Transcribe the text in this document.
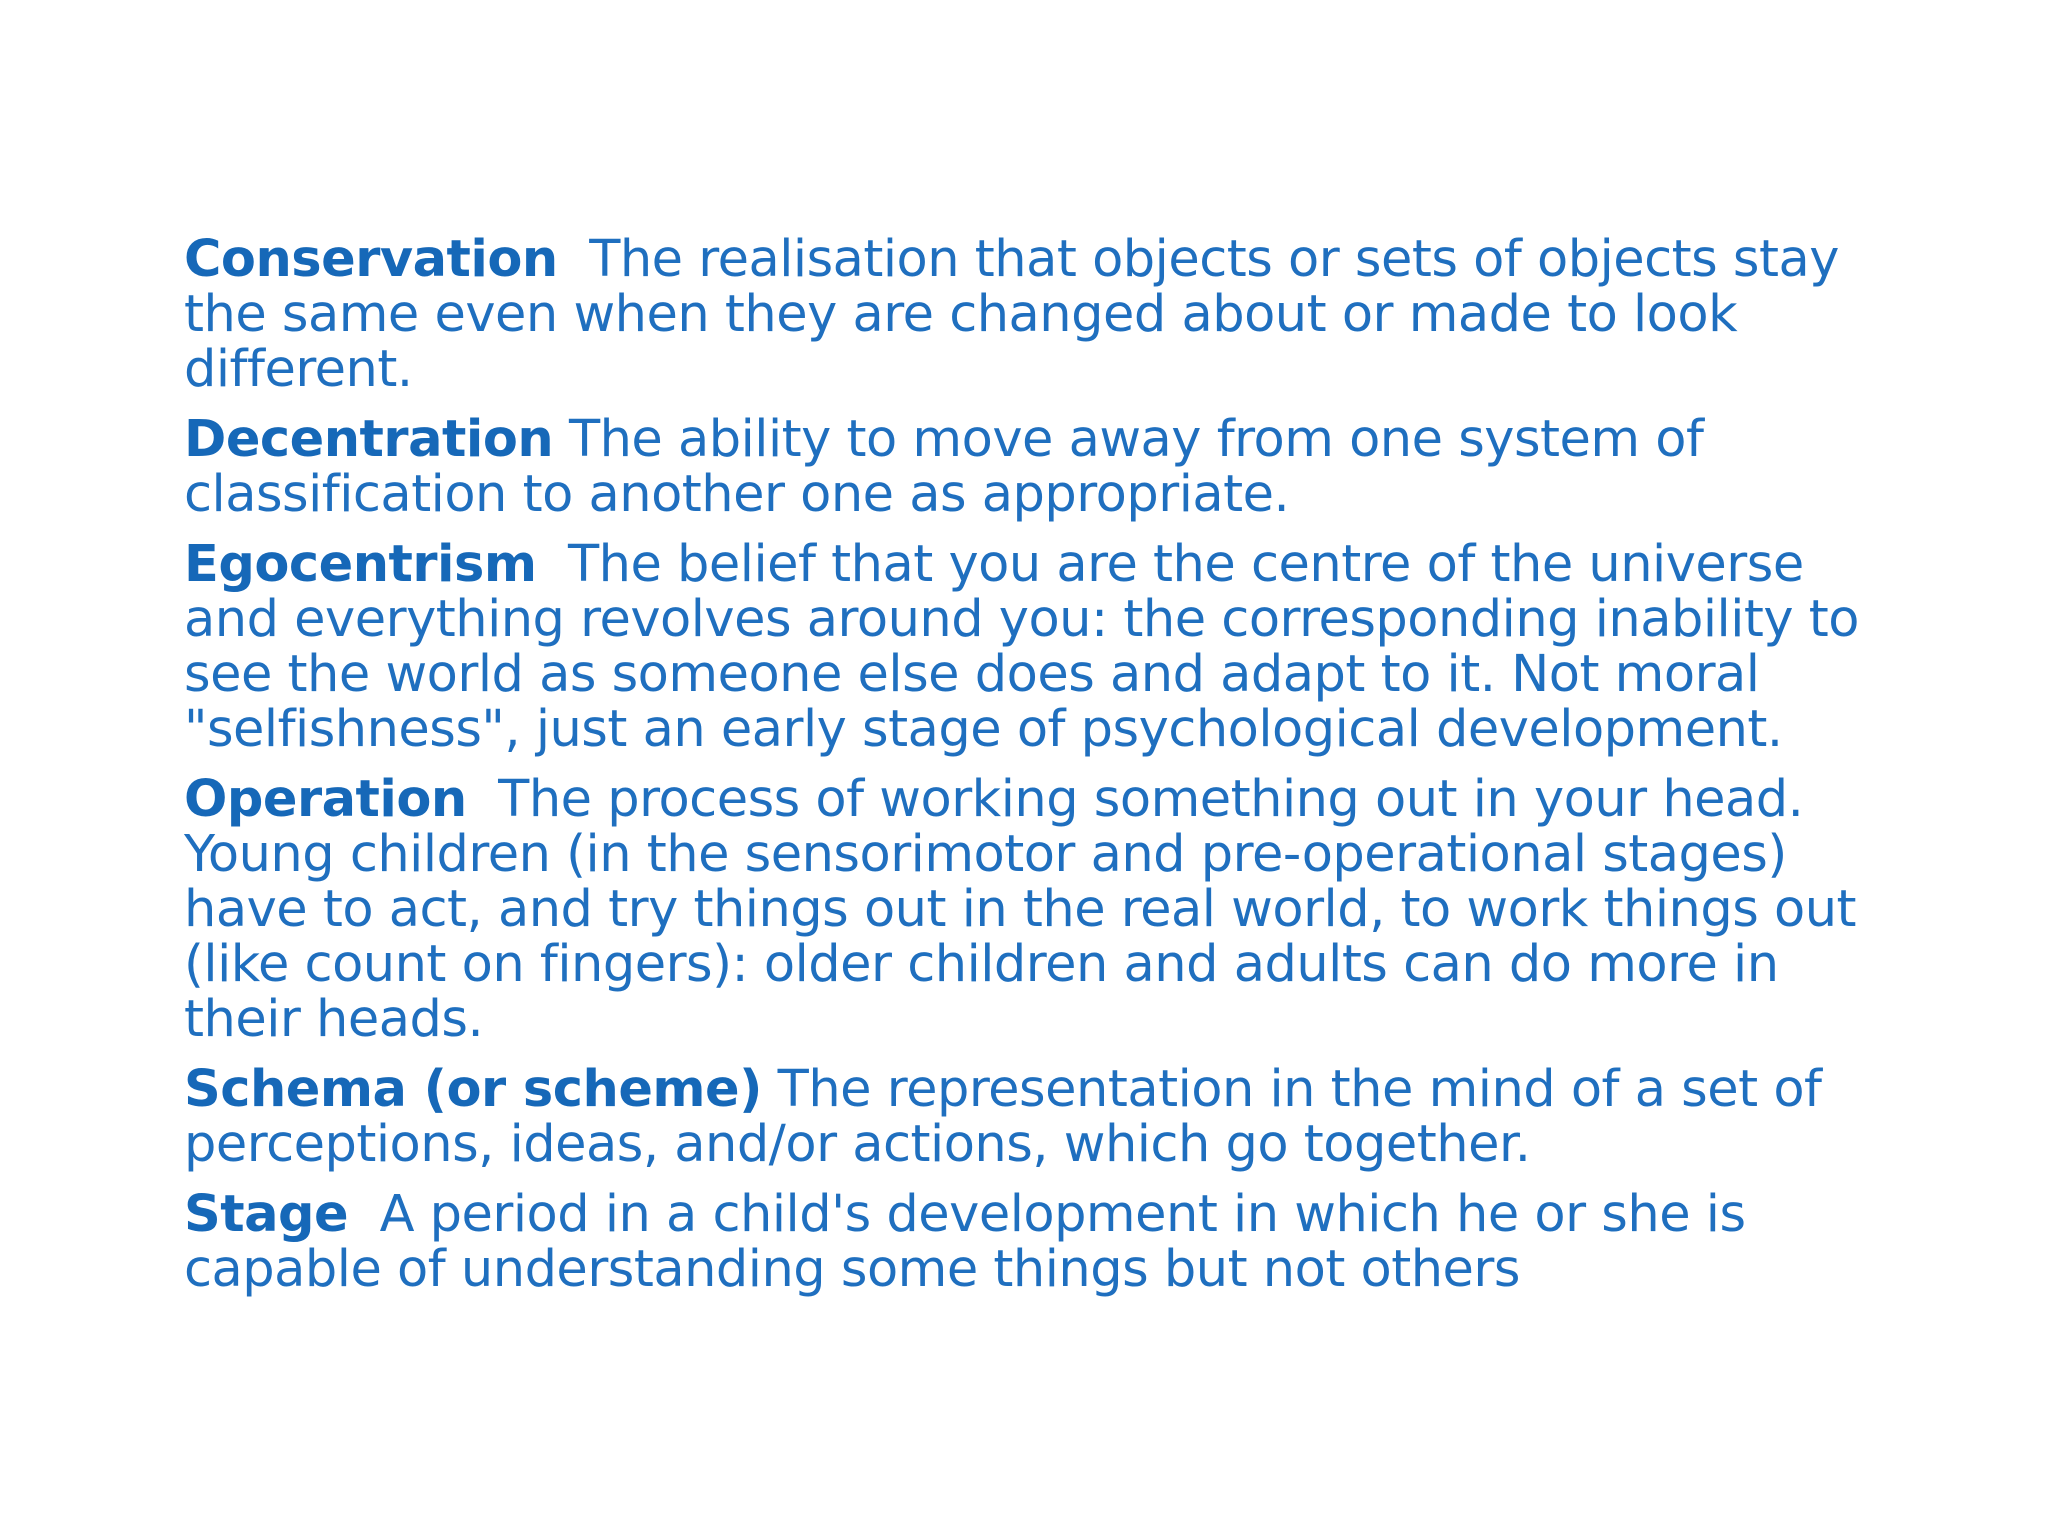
Conservation The realisation that objects or sets of objects stay the same even when they are changed about or made to look different.

Decentration The ability to move away from one system of classification to another one as appropriate.

Egocentrism The belief that you are the centre of the universe and everything revolves around you: the corresponding inability to see the world as someone else does and adapt to it. Not moral "selfishness", just an early stage of psychological development.

Operation The process of working something out in your head. Young children (in the sensorimotor and pre-operational stages) have to act, and try things out in the real world, to work things out (like count on fingers): older children and adults can do more in their heads.

Schema (or scheme) The representation in the mind of a set of perceptions, ideas, and/or actions, which go together.

Stage A period in a child's development in which he or she is capable of understanding some things but not others
